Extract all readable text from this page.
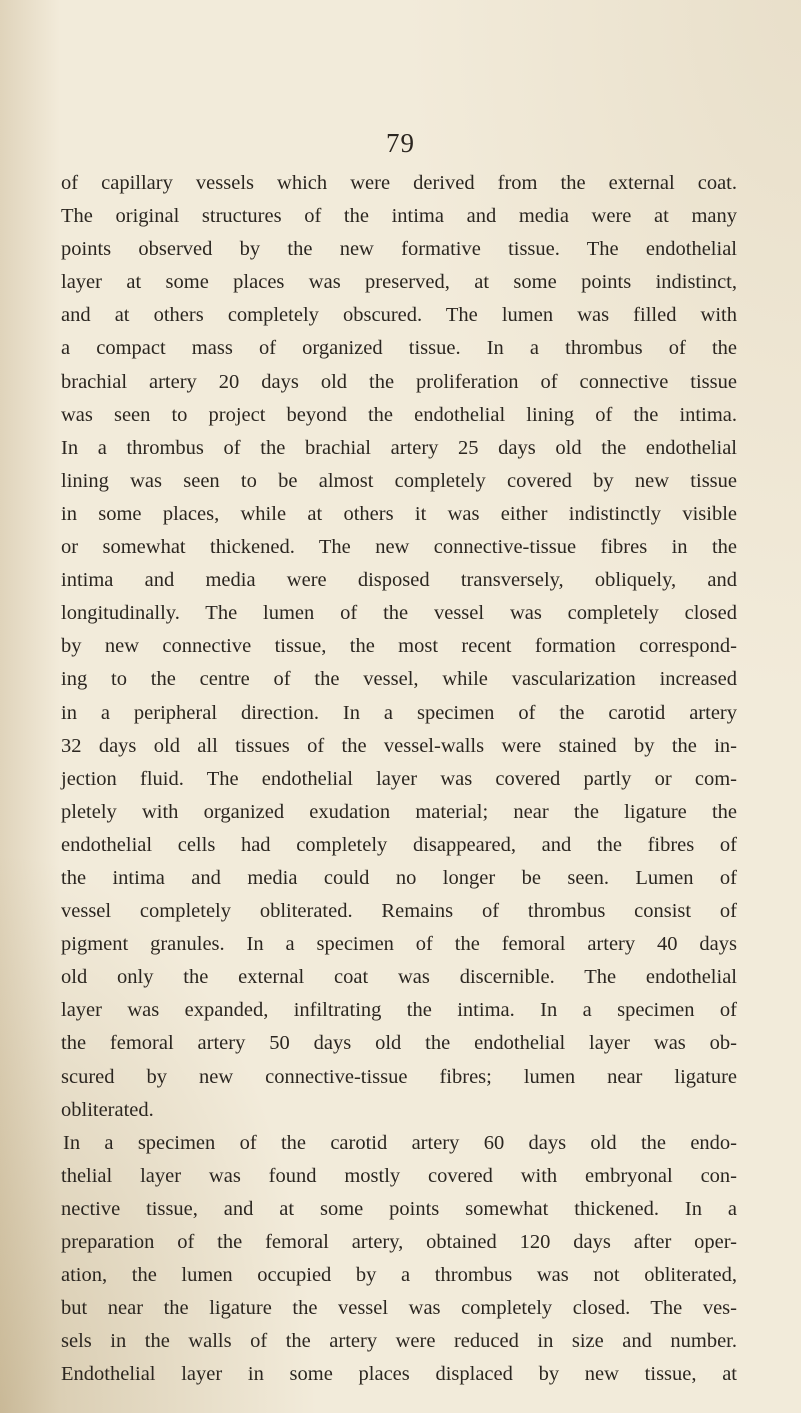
79
of capillary vessels which were derived from the external coat.
The original structures of the intima and media were at many
points observed by the new formative tissue. The endothelial
layer at some places was preserved, at some points indistinct,
and at others completely obscured. The lumen was filled with
a compact mass of organized tissue. In a thrombus of the
brachial artery 20 days old the proliferation of connective tissue
was seen to project beyond the endothelial lining of the intima.
In a thrombus of the brachial artery 25 days old the endothelial
lining was seen to be almost completely covered by new tissue
in some places, while at others it was either indistinctly visible
or somewhat thickened. The new connective-tissue fibres in the
intima and media were disposed transversely, obliquely, and
longitudinally. The lumen of the vessel was completely closed
by new connective tissue, the most recent formation correspond-
ing to the centre of the vessel, while vascularization increased
in a peripheral direction. In a specimen of the carotid artery
32 days old all tissues of the vessel-walls were stained by the in-
jection fluid. The endothelial layer was covered partly or com-
pletely with organized exudation material; near the ligature the
endothelial cells had completely disappeared, and the fibres of
the intima and media could no longer be seen. Lumen of
vessel completely obliterated. Remains of thrombus consist of
pigment granules. In a specimen of the femoral artery 40 days
old only the external coat was discernible. The endothelial
layer was expanded, infiltrating the intima. In a specimen of
the femoral artery 50 days old the endothelial layer was ob-
scured by new connective-tissue fibres; lumen near ligature
obliterated.
In a specimen of the carotid artery 60 days old the endo-
thelial layer was found mostly covered with embryonal con-
nective tissue, and at some points somewhat thickened. In a
preparation of the femoral artery, obtained 120 days after oper-
ation, the lumen occupied by a thrombus was not obliterated,
but near the ligature the vessel was completely closed. The ves-
sels in the walls of the artery were reduced in size and number.
Endothelial layer in some places displaced by new tissue, at
